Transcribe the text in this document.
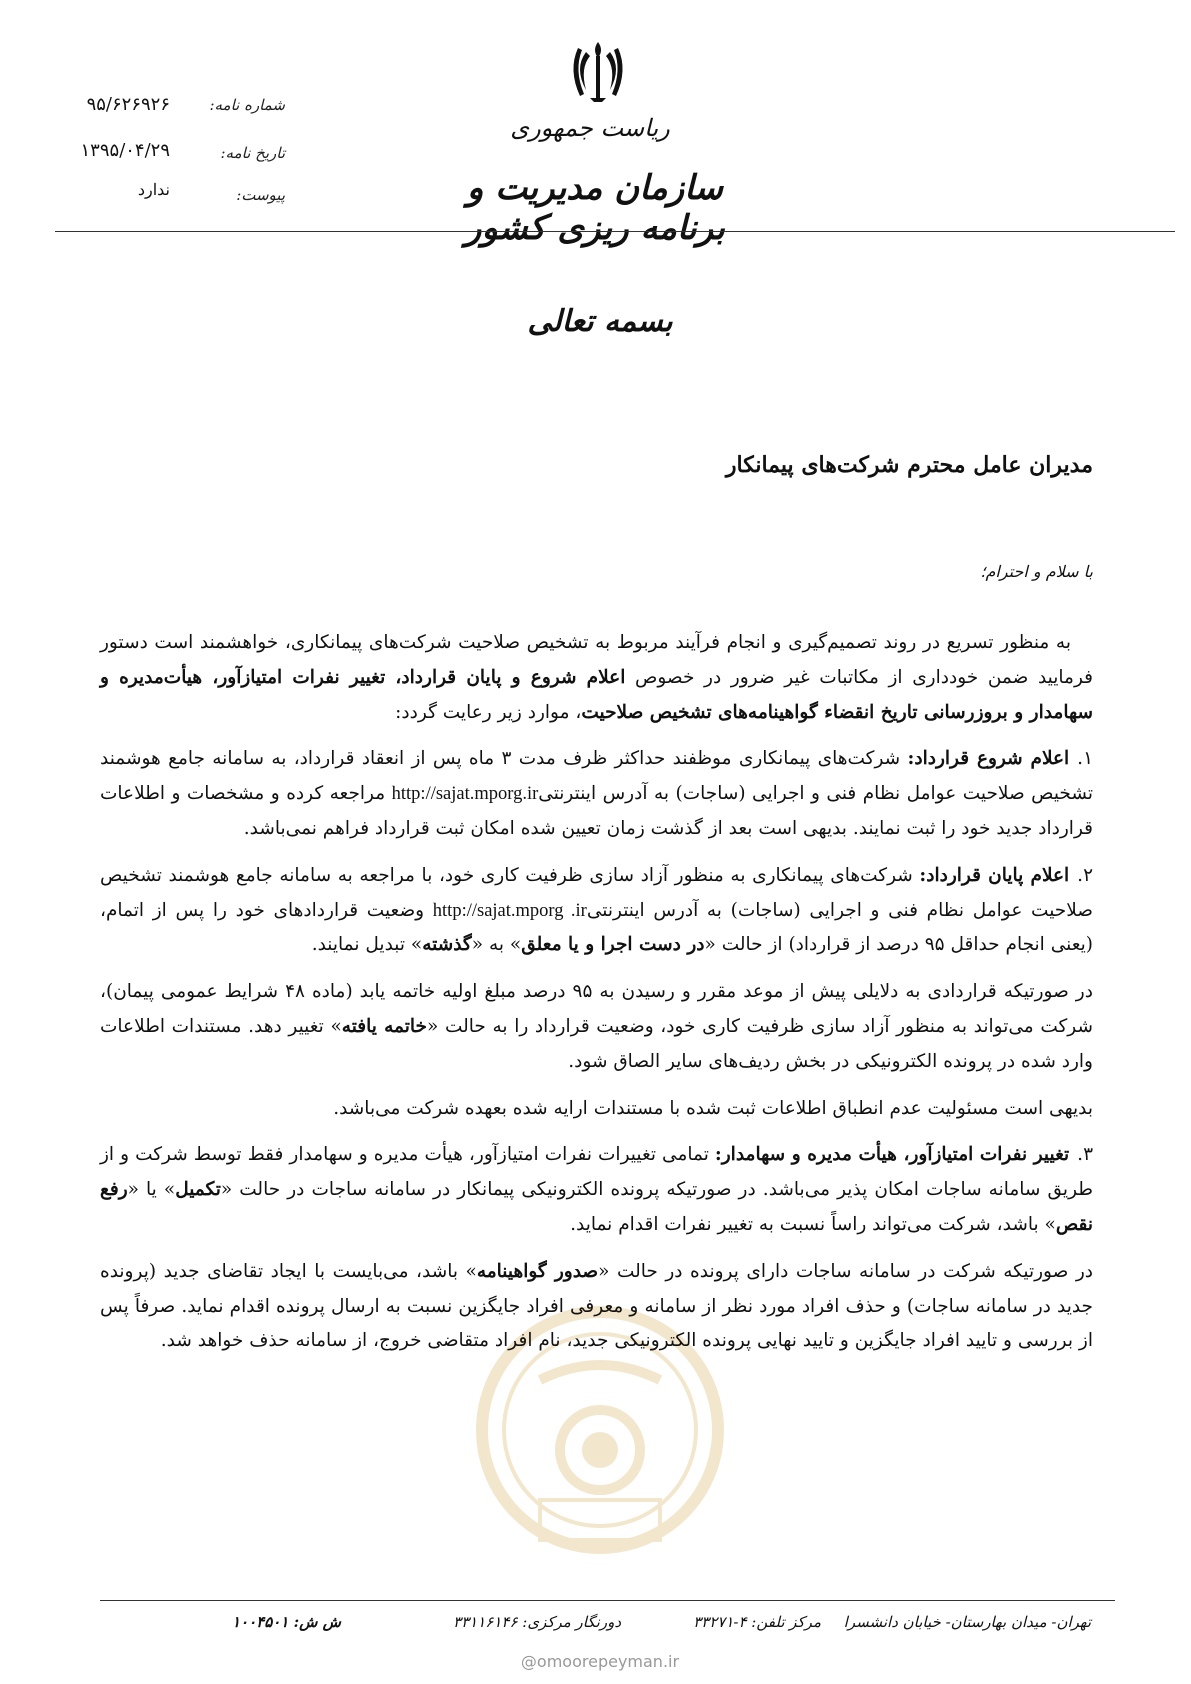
ریاست جمهوری
سازمان مدیریت و برنامه ریزی کشور
شماره نامه:
۹۵/۶۲۶۹۲۶
تاریخ نامه:
۱۳۹۵/۰۴/۲۹
پیوست:
ندارد
بسمه تعالی
مدیران عامل محترم شرکت‌های پیمانکار
با سلام و احترام؛

به منظور تسریع در روند تصمیم‌گیری و انجام فرآیند مربوط به تشخیص صلاحیت شرکت‌های پیمانکاری، خواهشمند است دستور فرمایید ضمن خودداری از مکاتبات غیر ضرور در خصوص اعلام شروع و پایان قرارداد، تغییر نفرات امتیازآور، هیأت‌مدیره و سهامدار و بروزرسانی تاریخ انقضاء گواهینامه‌های تشخیص صلاحیت، موارد زیر رعایت گردد:

۱.اعلام شروع قرارداد: شرکت‌های پیمانکاری موظفند حداکثر ظرف مدت ۳ ماه پس از انعقاد قرارداد، به سامانه جامع هوشمند تشخیص صلاحیت عوامل نظام فنی و اجرایی (ساجات) به آدرس اینترنتیhttp://sajat.mporg.ir مراجعه کرده و مشخصات و اطلاعات قرارداد جدید خود را ثبت نمایند. بدیهی است بعد از گذشت زمان تعیین شده امکان ثبت قرارداد فراهم نمی‌باشد.

۲.اعلام پایان قرارداد: شرکت‌های پیمانکاری به منظور آزاد سازی ظرفیت کاری خود، با مراجعه به سامانه جامع هوشمند تشخیص صلاحیت عوامل نظام فنی و اجرایی (ساجات) به آدرس اینترنتیhttp://sajat.mporg .ir وضعیت قراردادهای خود را پس از اتمام، (یعنی انجام حداقل ۹۵ درصد از قرارداد) از حالت «در دست اجرا و یا معلق» به «گذشته» تبدیل نمایند.

در صورتیکه قراردادی به دلایلی پیش از موعد مقرر و رسیدن به ۹۵ درصد مبلغ اولیه خاتمه یابد (ماده ۴۸ شرایط عمومی پیمان)، شرکت می‌تواند به منظور آزاد سازی ظرفیت کاری خود، وضعیت قرارداد را به حالت «خاتمه یافته» تغییر دهد. مستندات اطلاعات وارد شده در پرونده الکترونیکی در بخش ردیف‌های سایر الصاق شود.

بدیهی است مسئولیت عدم انطباق اطلاعات ثبت شده با مستندات ارایه شده بعهده شرکت می‌باشد.

۳.تغییر نفرات امتیازآور، هیأت مدیره و سهامدار: تمامی تغییرات نفرات امتیازآور، هیأت مدیره و سهامدار فقط توسط شرکت و از طریق سامانه ساجات امکان پذیر می‌باشد. در صورتیکه پرونده الکترونیکی پیمانکار در سامانه ساجات در حالت «تکمیل» یا «رفع نقص» باشد، شرکت می‌تواند راساً نسبت به تغییر نفرات اقدام نماید.

در صورتیکه شرکت در سامانه ساجات دارای پرونده در حالت «صدور گواهینامه» باشد، می‌بایست با ایجاد تقاضای جدید (پرونده جدید در سامانه ساجات) و حذف افراد مورد نظر از سامانه و معرفی افراد جایگزین نسبت به ارسال پرونده اقدام نماید. صرفاً پس از بررسی و تایید افراد جایگزین و تایید نهایی پرونده الکترونیکی جدید، نام افراد متقاضی خروج، از سامانه حذف خواهد شد.

تهران- میدان بهارستان- خیابان دانشسرا
مرکز تلفن: ۴-۳۳۲۷۱
دورنگار مرکزی: ۳۳۱۱۶۱۴۶
ش ش: ۱۰۰۴۵۰۱
@omoorepeyman.ir
